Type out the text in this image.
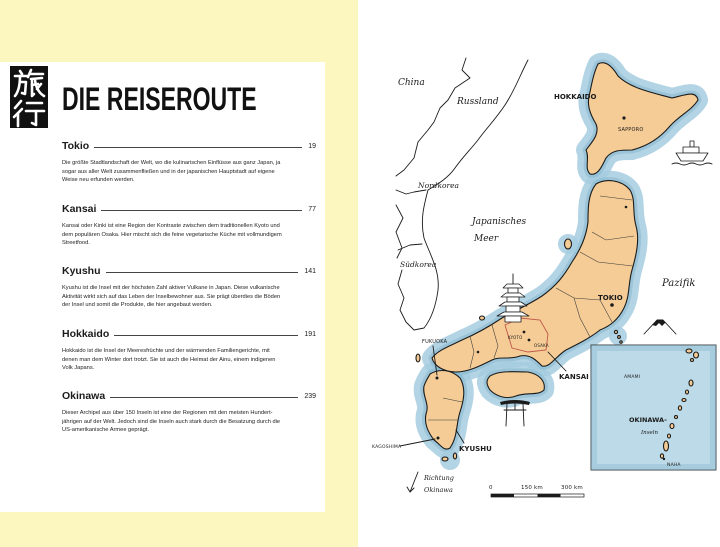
DIE REISEROUTE
Tokio	19
Die größte Stadtlandschaft der Welt, wo die kulinarischen Einflüsse aus ganz Japan, ja
sogar aus aller Welt zusammenfließen und in der japanischen Hauptstadt auf eigene
Weise neu erfunden werden.
Kansai	77
Kansai oder Kinki ist eine Region der Kontraste zwischen dem traditionellen Kyoto und
dem populären Osaka. Hier mischt sich die feine vegetarische Küche mit vollmundigem
Streetfood.
Kyushu	141
Kyushu ist die Insel mit der höchsten Zahl aktiver Vulkane in Japan. Diese vulkanische
Aktivität wirkt sich auf das Leben der Inselbewohner aus. Sie prägt überdies die Böden
der Insel und somit die Produkte, die hier angebaut werden.
Hokkaido	191
Hokkaido ist die Insel der Meeresfrüchte und der wärmenden Familiengerichte, mit
denen man dem Winter dort trotzt. Sie ist auch die Heimat der Ainu, einem indigenen
Volk Japans.
Okinawa	239
Dieser Archipel aus über 150 Inseln ist eine der Regionen mit den meisten Hundert-
jährigen auf der Welt. Jedoch sind die Inseln auch stark durch die Besatzung durch die
US-amerikanische Armee geprägt.
AMAMI
OKINAWA-
Inseln
NAHA
China
Russland
Nordkorea
Südkorea
Japanisches
Meer
Pazifik
HOKKAIDO
SAPPORO
TOKIO
KYOTO
OSAKA
FUKUOKA
KANSAI
KYUSHU
KAGOSHIMA
Richtung
Okinawa	0	150 km	300 km
